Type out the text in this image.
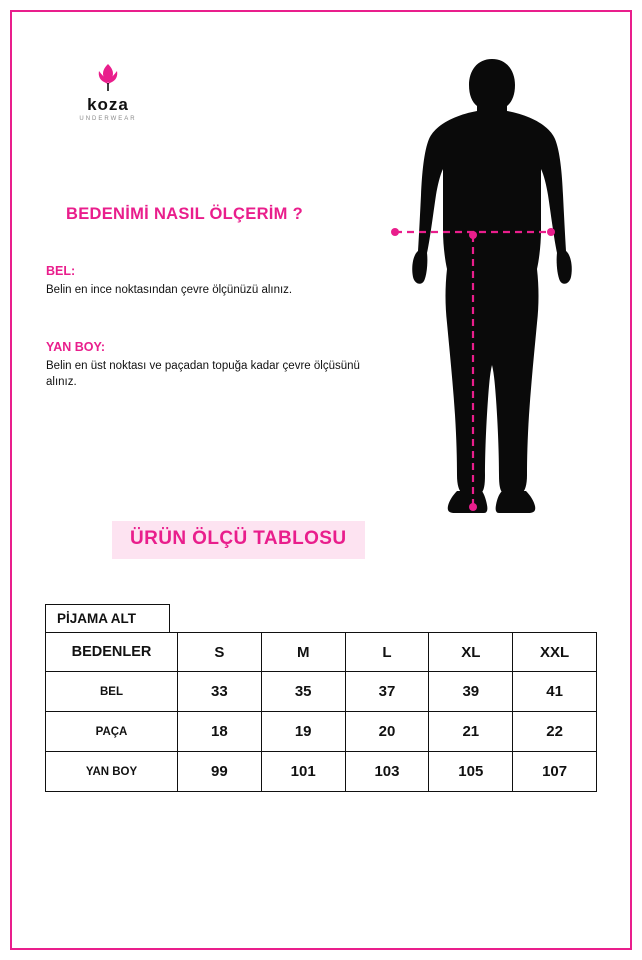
koza
UNDERWEAR
BEDENİMİ NASIL ÖLÇERİM ?
BEL:
Belin en ince noktasından çevre ölçünüzü alınız.
YAN BOY:
Belin en üst noktası ve paçadan topuğa kadar çevre ölçüsünü alınız.
ÜRÜN ÖLÇÜ TABLOSU
PİJAMA ALT
BEDENLER	S	M	L	XL	XXL
BEL	33	35	37	39	41
PAÇA	18	19	20	21	22
YAN BOY	99	101	103	105	107
